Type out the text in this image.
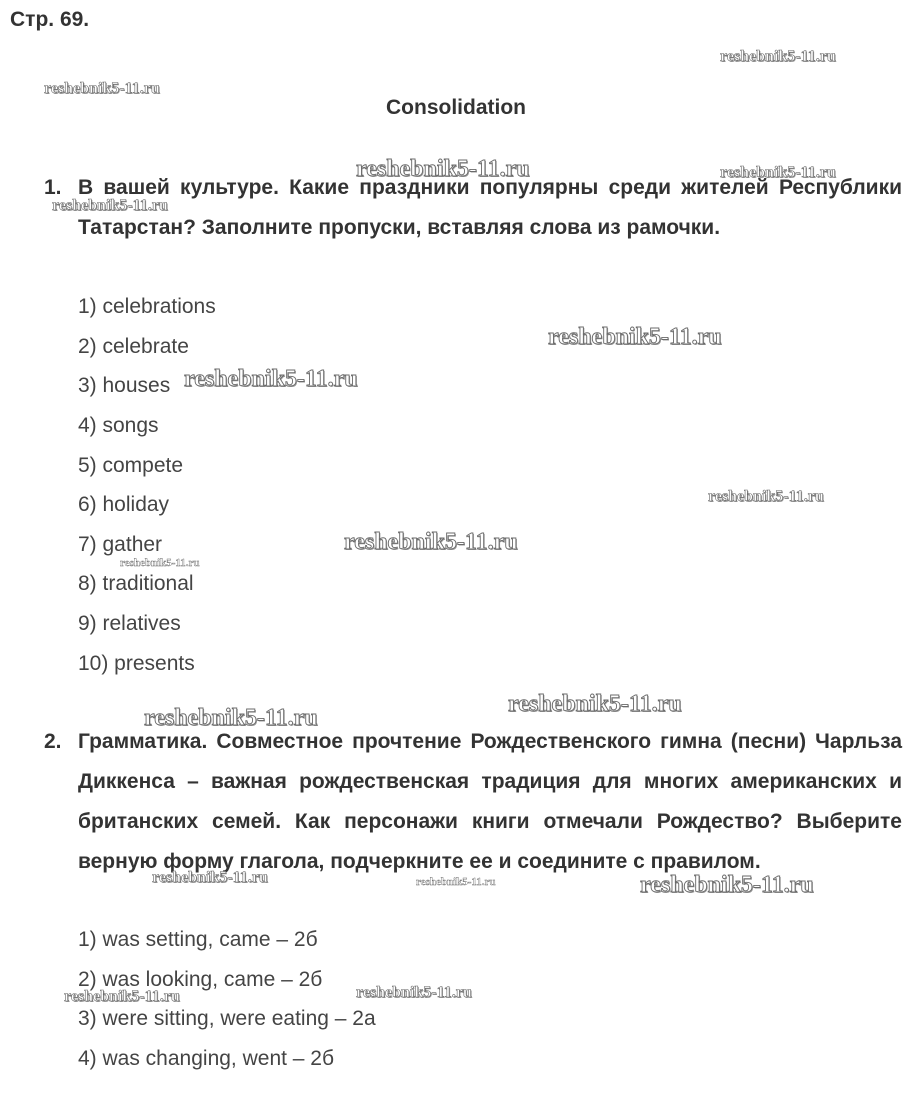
Стр. 69.
Consolidation
1. В вашей культуре. Какие праздники популярны среди жителей Республики Татарстан? Заполните пропуски, вставляя слова из рамочки.
1) celebrations
2) celebrate
3) houses
4) songs
5) compete
6) holiday
7) gather
8) traditional
9) relatives
10) presents
2. Грамматика. Совместное прочтение Рождественского гимна (песни) Чарльза Диккенса – важная рождественская традиция для многих американских и британских семей. Как персонажи книги отмечали Рождество? Выберите верную форму глагола, подчеркните ее и соедините с правилом.
1) was setting, came – 2б
2) was looking, came – 2б
3) were sitting, were eating – 2а
4) was changing, went – 2б
reshebnik5-11.ru
reshebnik5-11.ru
reshebnik5-11.ru	reshebnik5-11.ru
reshebnik5-11.ru
reshebnik5-11.ru
reshebnik5-11.ru
reshebnik5-11.ru
reshebnik5-11.ru
reshebnik5-11.ru
reshebnik5-11.ru
reshebnik5-11.ru
reshebnik5-11.ru	reshebnik5-11.ru	reshebnik5-11.ru
reshebnik5-11.ru
reshebnik5-11.ru
